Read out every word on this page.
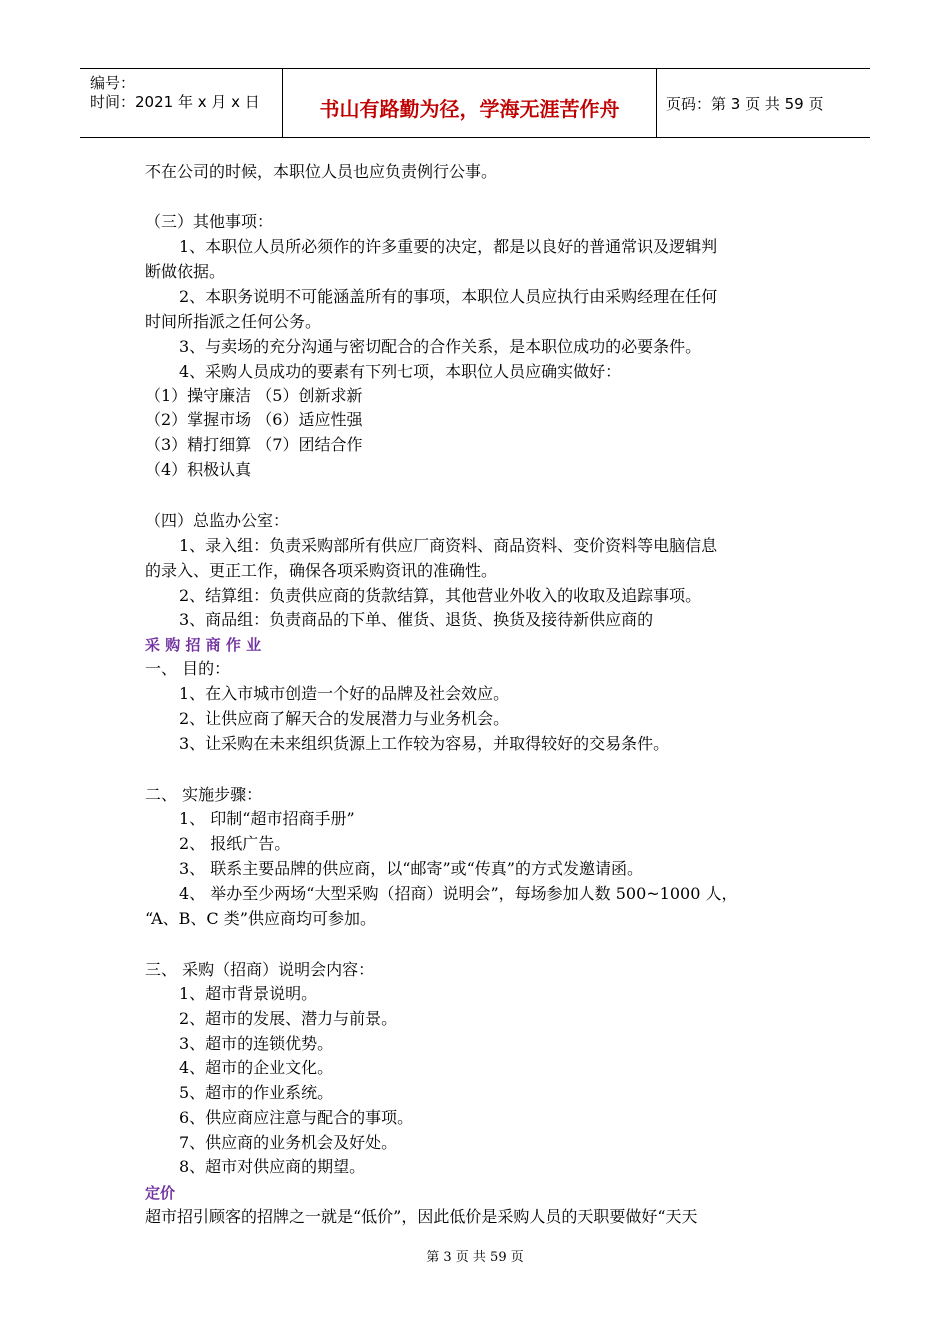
编号：
时间：2021 年 x 月 x 日	书山有路勤为径，学海无涯苦作舟	页码：第 3 页 共 59 页
不在公司的时候，本职位人员也应负责例行公事。
（三）其他事项：
1、本职位人员所必须作的许多重要的决定，都是以良好的普通常识及逻辑判
断做依据。
2、本职务说明不可能涵盖所有的事项，本职位人员应执行由采购经理在任何
时间所指派之任何公务。
3、与卖场的充分沟通与密切配合的合作关系，是本职位成功的必要条件。
4、采购人员成功的要素有下列七项，本职位人员应确实做好：
（1）操守廉洁 （5）创新求新
（2）掌握市场 （6）适应性强
（3）精打细算 （7）团结合作
（4）积极认真
（四）总监办公室：
1、录入组：负责采购部所有供应厂商资料、商品资料、变价资料等电脑信息
的录入、更正工作，确保各项采购资讯的准确性。
2、结算组：负责供应商的货款结算，其他营业外收入的收取及追踪事项。
3、商品组：负责商品的下单、催货、退货、换货及接待新供应商的
采 购 招 商 作 业
一、 目的：
1、在入市城市创造一个好的品牌及社会效应。
2、让供应商了解天合的发展潜力与业务机会。
3、让采购在未来组织货源上工作较为容易，并取得较好的交易条件。
二、 实施步骤：
1、 印制“超市招商手册”
2、 报纸广告。
3、 联系主要品牌的供应商，以“邮寄”或“传真”的方式发邀请函。
4、 举办至少两场“大型采购（招商）说明会”，每场参加人数 500~1000 人，
“A、B、C 类”供应商均可参加。
三、 采购（招商）说明会内容：
1、超市背景说明。
2、超市的发展、潜力与前景。
3、超市的连锁优势。
4、超市的企业文化。
5、超市的作业系统。
6、供应商应注意与配合的事项。
7、供应商的业务机会及好处。
8、超市对供应商的期望。
定价
超市招引顾客的招牌之一就是“低价”，因此低价是采购人员的天职要做好“天天
第 3 页 共 59 页
